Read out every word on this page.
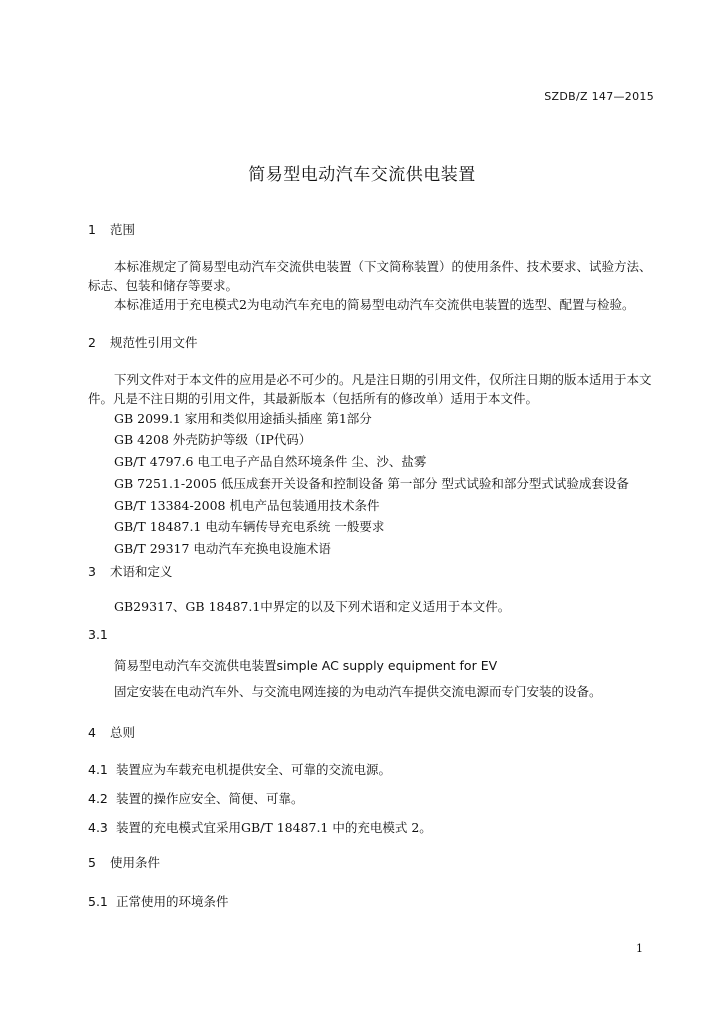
SZDB/Z 147—2015
简易型电动汽车交流供电装置
1 范围
本标准规定了简易型电动汽车交流供电装置（下文简称装置）的使用条件、技术要求、试验方法、
标志、包装和储存等要求。
本标准适用于充电模式2为电动汽车充电的简易型电动汽车交流供电装置的选型、配置与检验。
2 规范性引用文件
下列文件对于本文件的应用是必不可少的。凡是注日期的引用文件，仅所注日期的版本适用于本文
件。凡是不注日期的引用文件，其最新版本（包括所有的修改单）适用于本文件。
GB 2099.1 家用和类似用途插头插座 第1部分
GB 4208 外壳防护等级（IP代码）
GB/T 4797.6 电工电子产品自然环境条件 尘、沙、盐雾
GB 7251.1-2005 低压成套开关设备和控制设备 第一部分 型式试验和部分型式试验成套设备
GB/T 13384-2008 机电产品包装通用技术条件
GB/T 18487.1 电动车辆传导充电系统 一般要求
GB/T 29317 电动汽车充换电设施术语
3 术语和定义
GB29317、GB 18487.1中界定的以及下列术语和定义适用于本文件。
3.1
简易型电动汽车交流供电装置simple AC supply equipment for EV
固定安装在电动汽车外、与交流电网连接的为电动汽车提供交流电源而专门安装的设备。
4 总则
4.1 装置应为车载充电机提供安全、可靠的交流电源。
4.2 装置的操作应安全、简便、可靠。
4.3 装置的充电模式宜采用GB/T 18487.1 中的充电模式 2。
5 使用条件
5.1 正常使用的环境条件
1
